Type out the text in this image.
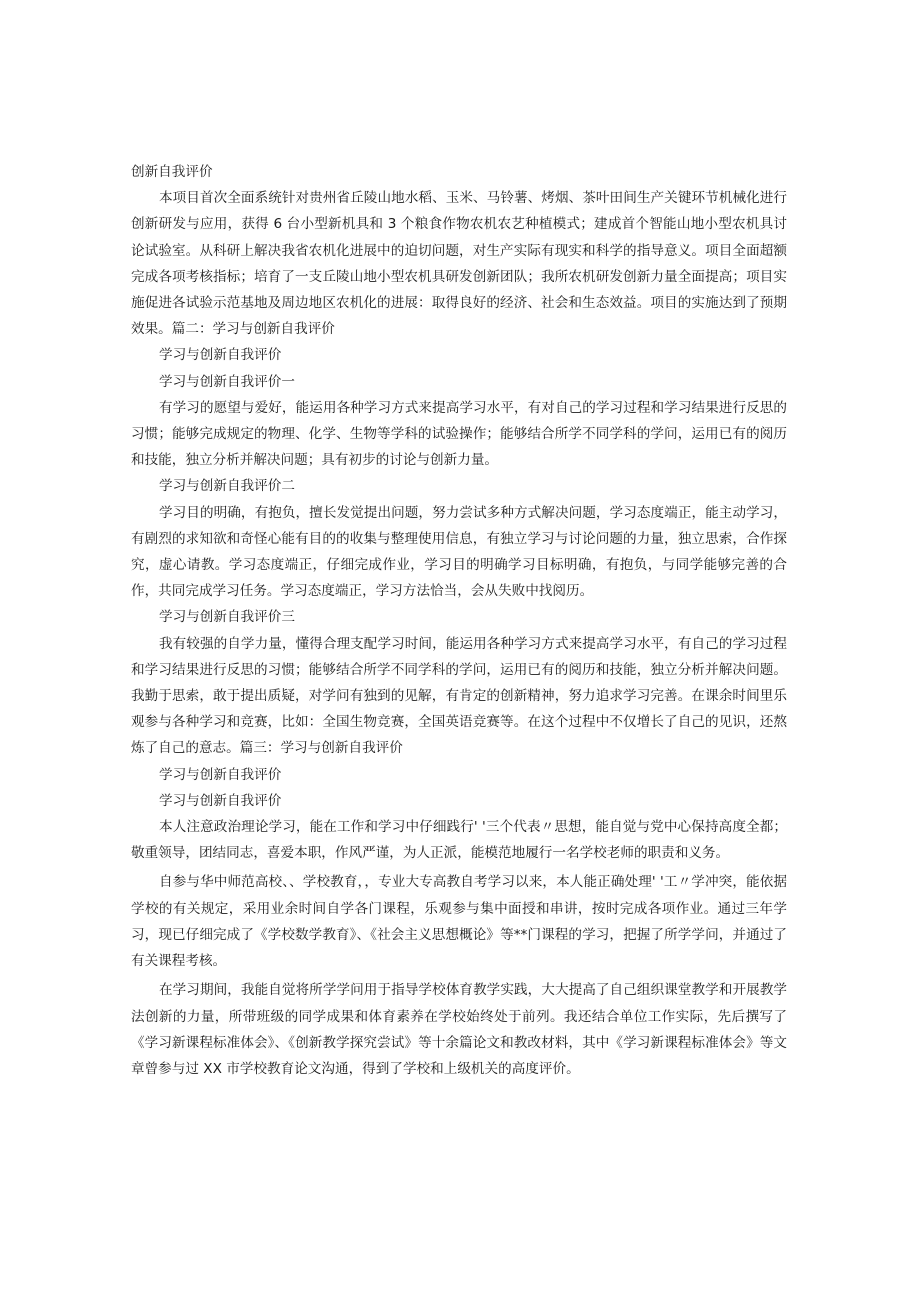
创新自我评价

本项目首次全面系统针对贵州省丘陵山地水稻、玉米、马铃薯、烤烟、茶叶田间生产关键环节机械化进行创新研发与应用，获得 6 台小型新机具和 3 个粮食作物农机农艺种植模式；建成首个智能山地小型农机具讨论试验室。从科研上解决我省农机化进展中的迫切问题，对生产实际有现实和科学的指导意义。项目全面超额完成各项考核指标；培育了一支丘陵山地小型农机具研发创新团队；我所农机研发创新力量全面提高；项目实施促进各试验示范基地及周边地区农机化的进展：取得良好的经济、社会和生态效益。项目的实施达到了预期效果。篇二：学习与创新自我评价

学习与创新自我评价

学习与创新自我评价一

有学习的愿望与爱好，能运用各种学习方式来提高学习水平，有对自己的学习过程和学习结果进行反思的习惯；能够完成规定的物理、化学、生物等学科的试验操作；能够结合所学不同学科的学问，运用已有的阅历和技能，独立分析并解决问题；具有初步的讨论与创新力量。

学习与创新自我评价二

学习目的明确，有抱负，擅长发觉提出问题，努力尝试多种方式解决问题，学习态度端正，能主动学习，有剧烈的求知欲和奇怪心能有目的的收集与整理使用信息，有独立学习与讨论问题的力量，独立思索，合作探究，虚心请教。学习态度端正，仔细完成作业，学习目的明确学习目标明确，有抱负，与同学能够完善的合作，共同完成学习任务。学习态度端正，学习方法恰当，会从失败中找阅历。

学习与创新自我评价三

我有较强的自学力量，懂得合理支配学习时间，能运用各种学习方式来提高学习水平，有自己的学习过程和学习结果进行反思的习惯；能够结合所学不同学科的学问，运用已有的阅历和技能，独立分析并解决问题。我勤于思索，敢于提出质疑，对学问有独到的见解，有肯定的创新精神，努力追求学习完善。在课余时间里乐观参与各种学习和竞赛，比如：全国生物竞赛，全国英语竞赛等。在这个过程中不仅增长了自己的见识，还熬炼了自己的意志。篇三：学习与创新自我评价

学习与创新自我评价

学习与创新自我评价

本人注意政治理论学习，能在工作和学习中仔细践行' '三个代表〃思想，能自觉与党中心保持高度全都；敬重领导，团结同志，喜爱本职，作风严谨，为人正派，能模范地履行一名学校老师的职责和义务。

自参与华中师范高校、、学校教育，，专业大专高教自考学习以来，本人能正确处理' '工〃学冲突，能依据学校的有关规定，采用业余时间自学各门课程，乐观参与集中面授和串讲，按时完成各项作业。通过三年学习，现已仔细完成了《学校数学教育》、《社会主义思想概论》等**门课程的学习，把握了所学学问，并通过了有关课程考核。

在学习期间，我能自觉将所学学问用于指导学校体育教学实践，大大提高了自己组织课堂教学和开展教学法创新的力量，所带班级的同学成果和体育素养在学校始终处于前列。我还结合单位工作实际，先后撰写了《学习新课程标准体会》、《创新教学探究尝试》等十余篇论文和教改材料，其中《学习新课程标准体会》等文章曾参与过 XX 市学校教育论文沟通，得到了学校和上级机关的高度评价。
